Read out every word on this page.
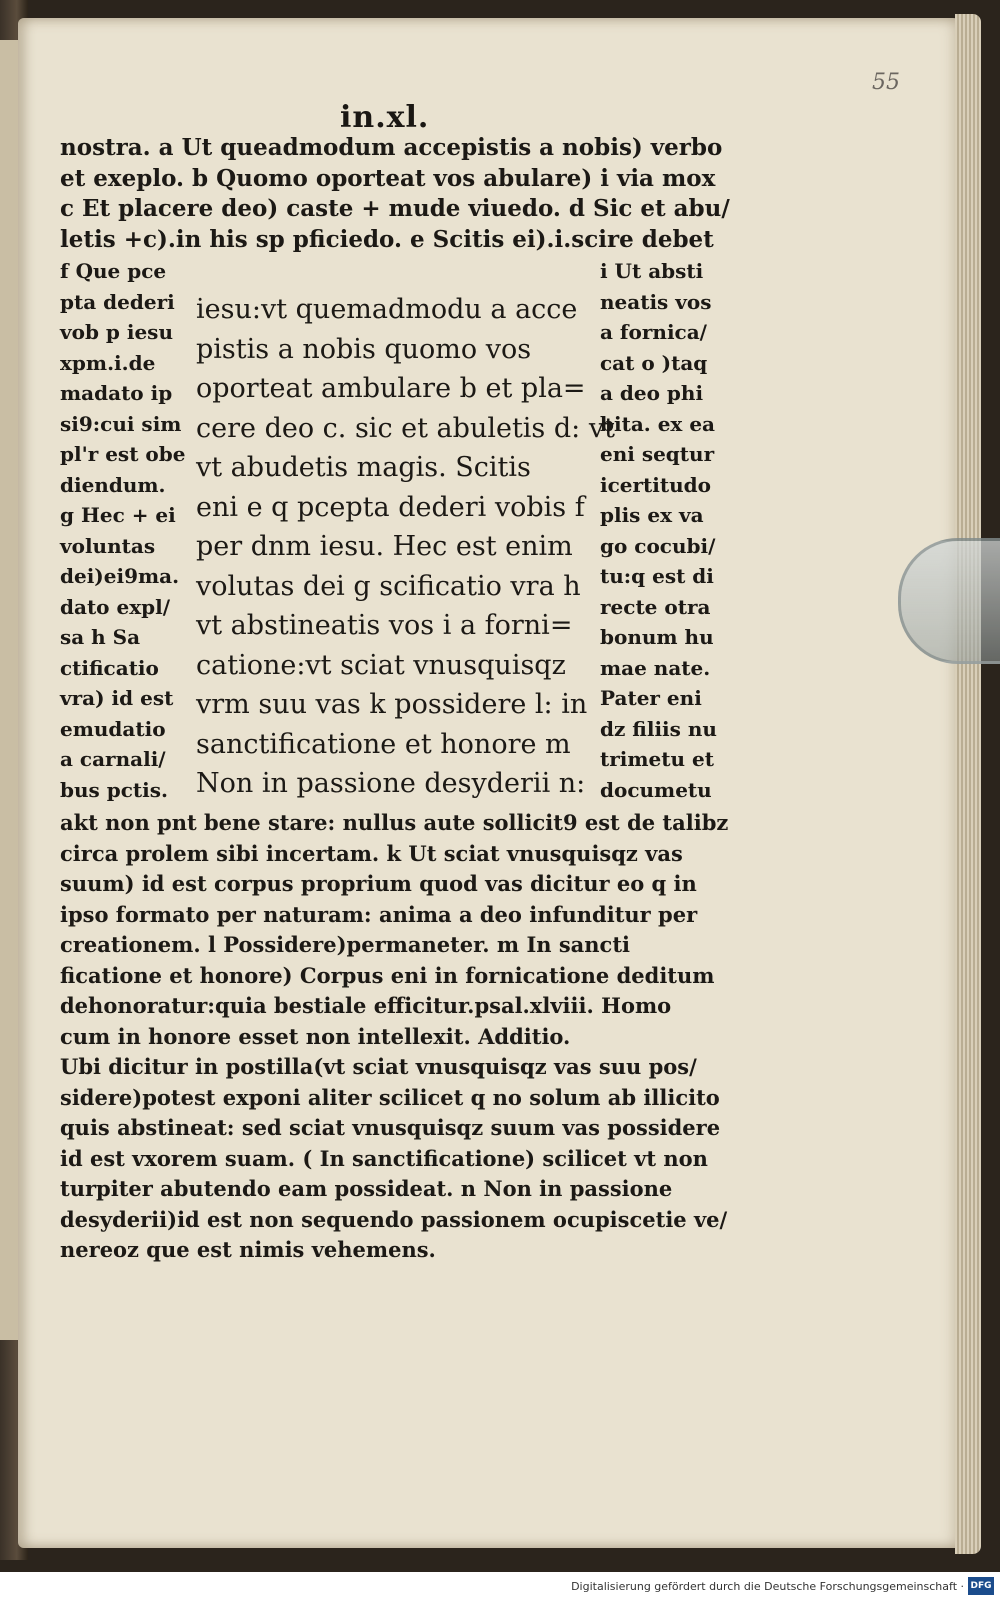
55
in.xl.
nostra. a Ut queadmodum accepistis a nobis) verbo
et exeplo. b Quomo oporteat vos abulare) i via mox
c Et placere deo) caste + mude viuedo. d Sic et abu/
letis +c).in his sp pficiedo. e Scitis ei).i.scire debet
f Que pce
pta dederi
vob p iesu
xpm.i.de
madato ip
si9:cui sim
pl'r est obe
diendum.
g Hec + ei
voluntas
dei)ei9ma.
dato expl/
sa h Sa
ctificatio
vra) id est
emudatio
a carnali/
bus pctis.
iesu:vt quemadmodu a acce
pistis a nobis quomo vos
oporteat ambulare b et pla=
cere deo c. sic et abuletis d: vt
vt abudetis magis. Scitis
eni e q pcepta dederi vobis f
per dnm iesu. Hec est enim
volutas dei g scificatio vra h
vt abstineatis vos i a forni=
catione:vt sciat vnusquisqz
vrm suu vas k possidere l: in
sanctificatione et honore m
Non in passione desyderii n:
i Ut absti
neatis vos
a fornica/
cat o )taq
a deo phi
bita. ex ea
eni seqtur
icertitudo
plis ex va
go cocubi/
tu:q est di
recte otra
bonum hu
mae nate.
Pater eni
dz filiis nu
trimetu et
documetu
akt non pnt bene stare: nullus aute sollicit9 est de talibz
circa prolem sibi incertam. k Ut sciat vnusquisqz vas
suum) id est corpus proprium quod vas dicitur eo q in
ipso formato per naturam: anima a deo infunditur per
creationem. l Possidere)permaneter. m In sancti
ficatione et honore) Corpus eni in fornicatione deditum
dehonoratur:quia bestiale efficitur.psal.xlviii. Homo
cum in honore esset non intellexit. Additio.
Ubi dicitur in postilla(vt sciat vnusquisqz vas suu pos/
sidere)potest exponi aliter scilicet q no solum ab illicito
quis abstineat: sed sciat vnusquisqz suum vas possidere
id est vxorem suam. ( In sanctificatione) scilicet vt non
turpiter abutendo eam possideat. n Non in passione
desyderii)id est non sequendo passionem ocupiscetie ve/
nereoz que est nimis vehemens.
Digitalisierung gefördert durch die Deutsche Forschungsgemeinschaft · DFG
